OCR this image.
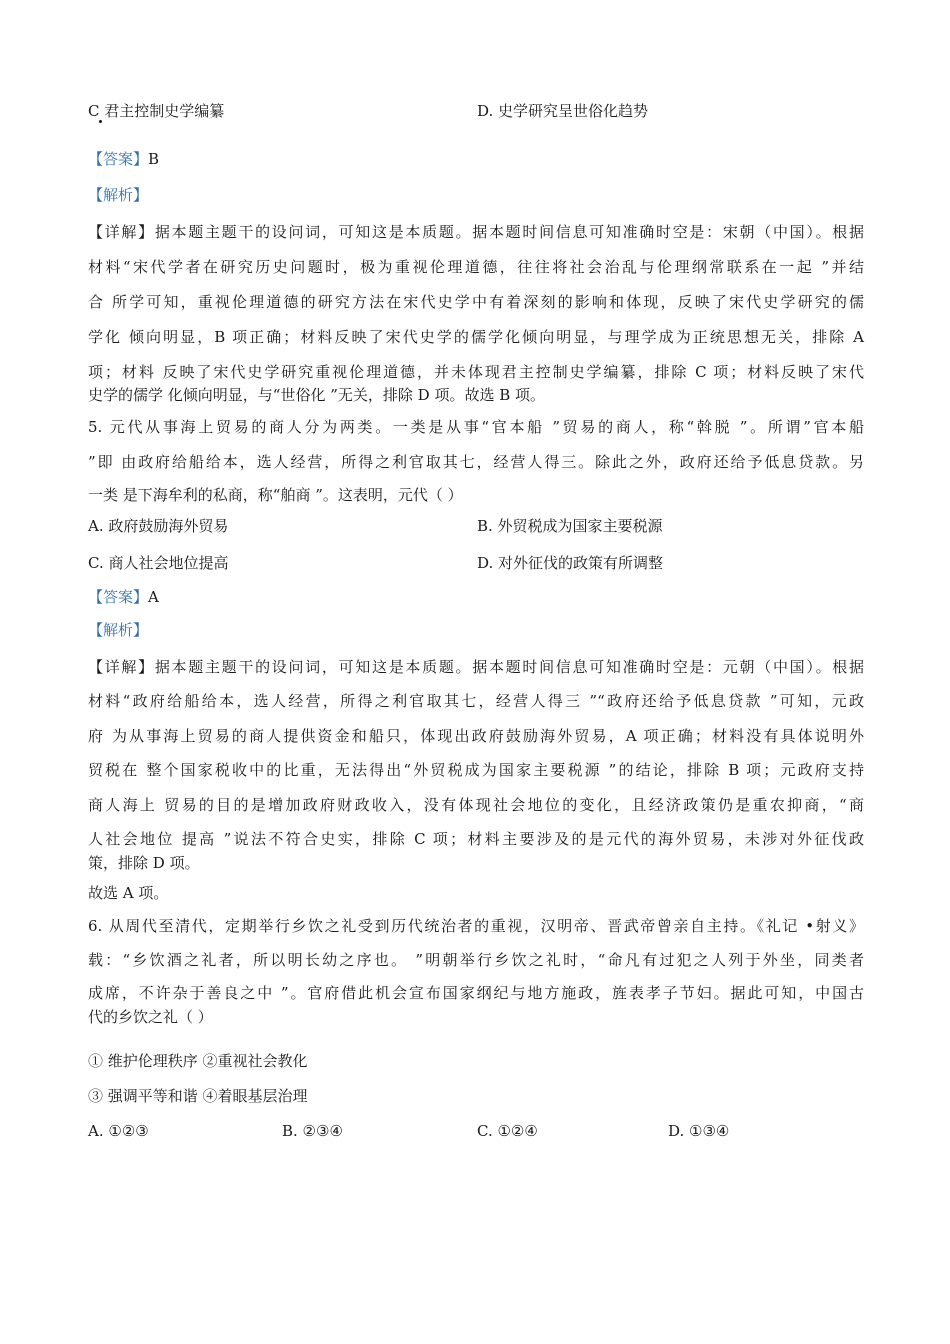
C 君主控制史学编纂	D. 史学研究呈世俗化趋势
【答案】B
【解析】
【详解】据本题主题干的设问词，可知这是本质题。据本题时间信息可知准确时空是：宋朝（中国）。根据
材料“宋代学者在研究历史问题时，极为重视伦理道德，往往将社会治乱与伦理纲常联系在一起 ”并结
合 所学可知，重视伦理道德的研究方法在宋代史学中有着深刻的影响和体现，反映了宋代史学研究的儒
学化 倾向明显，B 项正确；材料反映了宋代史学的儒学化倾向明显，与理学成为正统思想无关，排除 A
项；材料 反映了宋代史学研究重视伦理道德，并未体现君主控制史学编纂，排除 C 项；材料反映了宋代
史学的儒学 化倾向明显，与“世俗化 ”无关，排除 D 项。故选 B 项。
5. 元代从事海上贸易的商人分为两类。一类是从事“官本船 ”贸易的商人，称“斡脱 ”。所谓”官本船
”即 由政府给船给本，选人经营，所得之利官取其七，经营人得三。除此之外，政府还给予低息贷款。另
一类 是下海牟利的私商，称“舶商 ”。这表明，元代（ ）
A. 政府鼓励海外贸易	B. 外贸税成为国家主要税源
C. 商人社会地位提高	D. 对外征伐的政策有所调整
【答案】A
【解析】
【详解】据本题主题干的设问词，可知这是本质题。据本题时间信息可知准确时空是：元朝（中国）。根据
材料“政府给船给本，选人经营，所得之利官取其七，经营人得三 ”“政府还给予低息贷款 ”可知，元政
府 为从事海上贸易的商人提供资金和船只，体现出政府鼓励海外贸易，A 项正确；材料没有具体说明外
贸税在 整个国家税收中的比重，无法得出“外贸税成为国家主要税源 ”的结论，排除 B 项；元政府支持
商人海上 贸易的目的是增加政府财政收入，没有体现社会地位的变化，且经济政策仍是重农抑商，“商
人社会地位 提高 ”说法不符合史实，排除 C 项；材料主要涉及的是元代的海外贸易，未涉对外征伐政
策，排除 D 项。
故选 A 项。
6. 从周代至清代，定期举行乡饮之礼受到历代统治者的重视，汉明帝、晋武帝曾亲自主持。《礼记 •射义》
载：“乡饮酒之礼者，所以明长幼之序也。 ”明朝举行乡饮之礼时，“命凡有过犯之人列于外坐，同类者
成席，不许杂于善良之中 ”。官府借此机会宣布国家纲纪与地方施政，旌表孝子节妇。据此可知，中国古
代的乡饮之礼（ ）
① 维护伦理秩序 ②重视社会教化
③ 强调平等和谐 ④着眼基层治理
A. ①②③	B. ②③④	C. ①②④	D. ①③④
